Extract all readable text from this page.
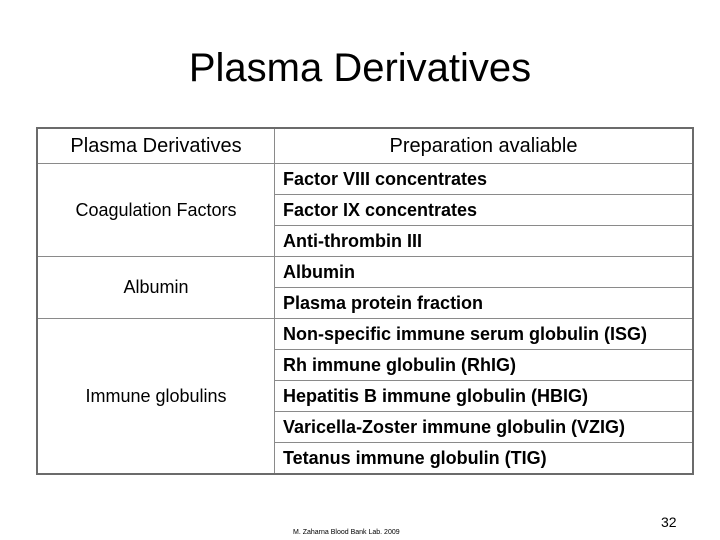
Plasma Derivatives
Plasma Derivatives	Preparation avaliable
Coagulation Factors	Factor VIII concentrates
	Factor IX concentrates
	Anti-thrombin III
Albumin	Albumin
	Plasma protein fraction
Immune globulins	Non-specific immune serum globulin (ISG)
	Rh immune globulin (RhIG)
	Hepatitis B immune globulin (HBIG)
	Varicella-Zoster immune globulin (VZIG)
	Tetanus immune globulin (TIG)
32
M. Zaharna Blood Bank Lab. 2009
